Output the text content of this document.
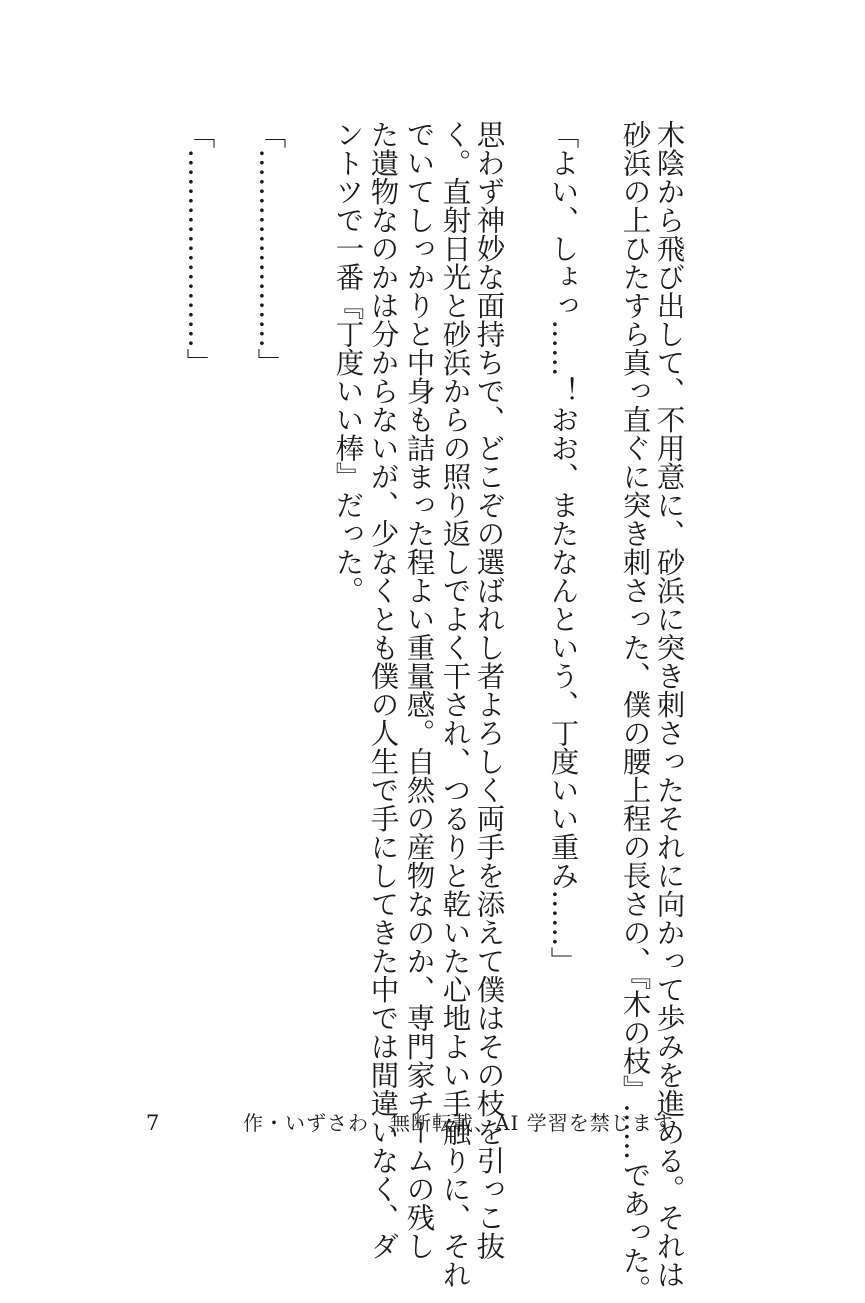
木陰から飛び出して、不用意に、砂浜に突き刺さったそれに向かって歩みを進める。それは
砂浜の上ひたすら真っ直ぐに突き刺さった、僕の腰上程の長さの、『木の枝』……であった。
「よい、しょっ……！おお、またなんという、丁度いい重み……」
思わず神妙な面持ちで、どこぞの選ばれし者よろしく両手を添えて僕はその枝を引っこ抜
く。直射日光と砂浜からの照り返しでよく干され、つるりと乾いた心地よい手触りに、それ
でいてしっかりと中身も詰まった程よい重量感。自然の産物なのか、専門家チームの残し
た遺物なのかは分からないが、少なくとも僕の人生で手にしてきた中では間違いなく、ダ
ントツで一番『丁度いい棒』だった。
「…………………」
「…………………」
7	作・いずさわ　無断転載、AI 学習を禁じます
